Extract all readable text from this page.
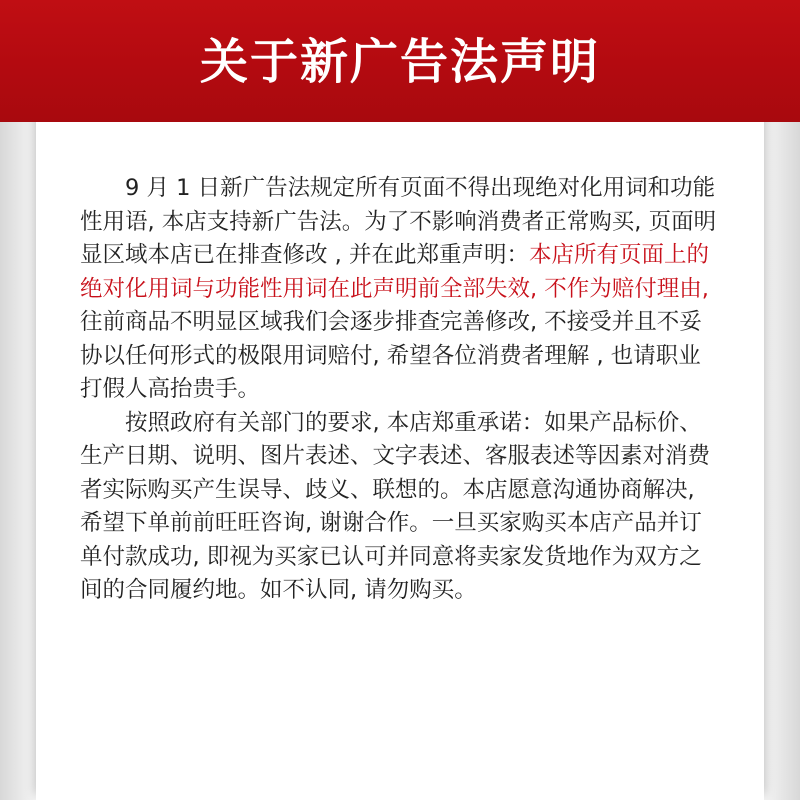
关于新广告法声明

9 月 1 日新广告法规定所有页面不得出现绝对化用词和功能性用语, 本店支持新广告法。为了不影响消费者正常购买, 页面明显区域本店已在排查修改 , 并在此郑重声明：本店所有页面上的绝对化用词与功能性用词在此声明前全部失效, 不作为赔付理由, 往前商品不明显区域我们会逐步排查完善修改, 不接受并且不妥协以任何形式的极限用词赔付, 希望各位消费者理解 , 也请职业打假人高抬贵手。

按照政府有关部门的要求, 本店郑重承诺：如果产品标价、生产日期、说明、图片表述、文字表述、客服表述等因素对消费者实际购买产生误导、歧义、联想的。本店愿意沟通协商解决, 希望下单前前旺旺咨询, 谢谢合作。一旦买家购买本店产品并订单付款成功, 即视为买家已认可并同意将卖家发货地作为双方之间的合同履约地。如不认同, 请勿购买。
